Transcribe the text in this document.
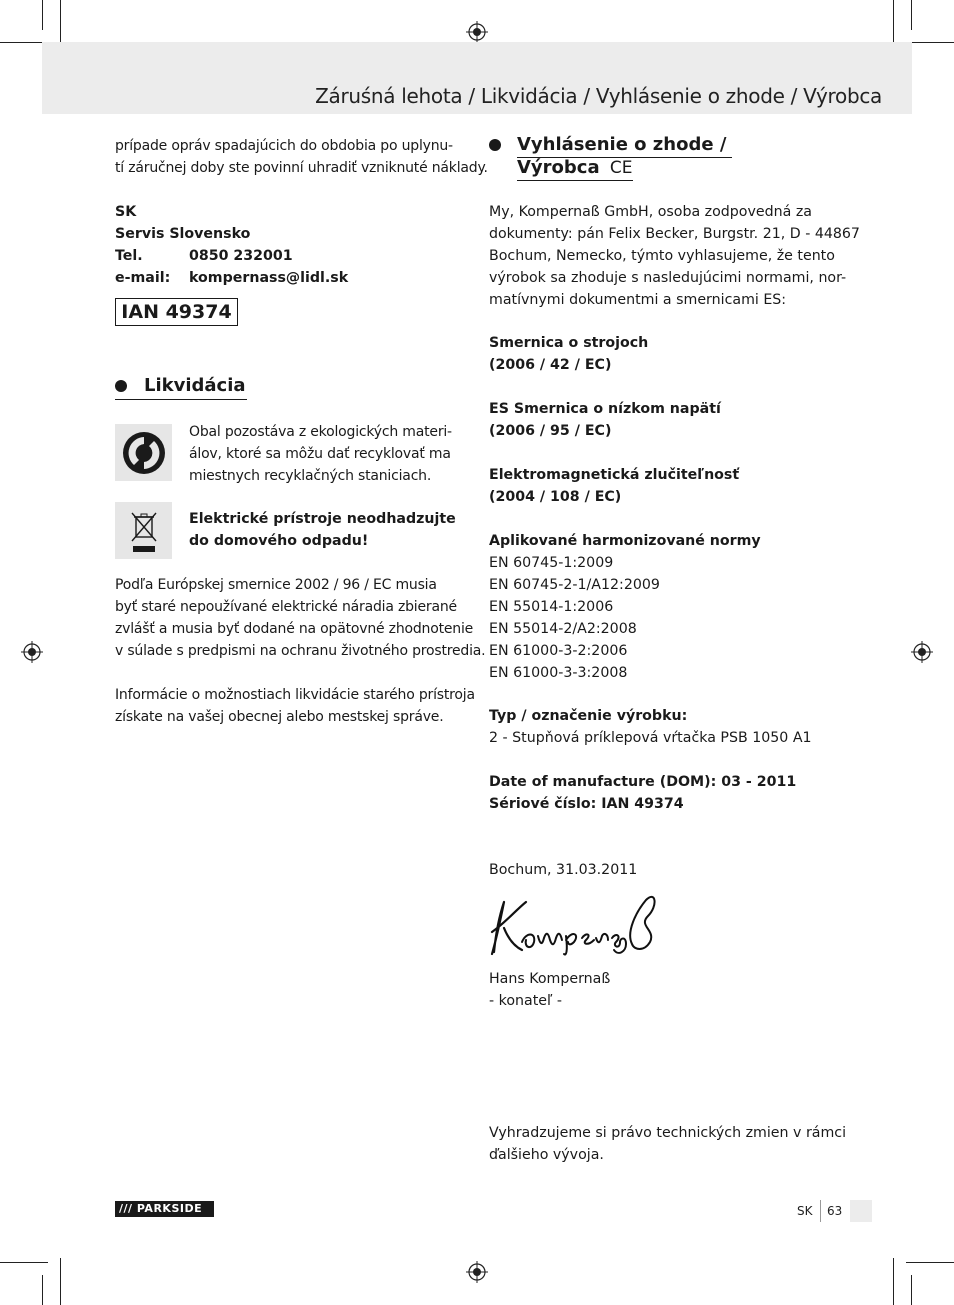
Záruśná lehota / Likvidácia / Vyhlásenie o zhode / Výrobca
prípade opráv spadajúcich do obdobia po uplynu-
tí záručnej doby ste povinní uhradiť vzniknuté náklady.
SK
Servis Slovensko
Tel.	0850 232001
e-mail: kompernass@lidl.sk
IAN 49374
Likvidácia
Obal pozostáva z ekologických materi-
álov, ktoré sa môžu dať recyklovať ma
miestnych recyklačných staniciach.
Elektrické prístroje neodhadzujte
do domového odpadu!
Podľa Európskej smernice 2002 / 96 / EC musia
byť staré nepoužívané elektrické náradia zbierané
zvlášť a musia byť dodané na opätovné zhodnotenie
v súlade s predpismi na ochranu životného prostredia.
Informácie o možnostiach likvidácie starého prístroja
získate na vašej obecnej alebo mestskej správe.
Vyhlásenie o zhode /
Výrobca CE
My, Kompernaß GmbH, osoba zodpovedná za
dokumenty: pán Felix Becker, Burgstr. 21, D - 44867
Bochum, Nemecko, týmto vyhlasujeme, že tento
výrobok sa zhoduje s nasledujúcimi normami, nor-
matívnymi dokumentmi a smernicami ES:
Smernica o strojoch
(2006 / 42 / EC)
ES Smernica o nízkom napätí
(2006 / 95 / EC)
Elektromagnetická zlučiteľnosť
(2004 / 108 / EC)
Aplikované harmonizované normy
EN 60745-1:2009
EN 60745-2-1/A12:2009
EN 55014-1:2006
EN 55014-2/A2:2008
EN 61000-3-2:2006
EN 61000-3-3:2008
Typ / označenie výrobku:
2 - Stupňová príklepová vŕtačka PSB 1050 A1
Date of manufacture (DOM): 03 - 2011
Sériové číslo: IAN 49374
Bochum, 31.03.2011
Hans Kompernaß
- konateľ -
Vyhradzujeme si právo technických zmien v rámci
ďalšieho vývoja.
/// PARKSIDE	SK 63
